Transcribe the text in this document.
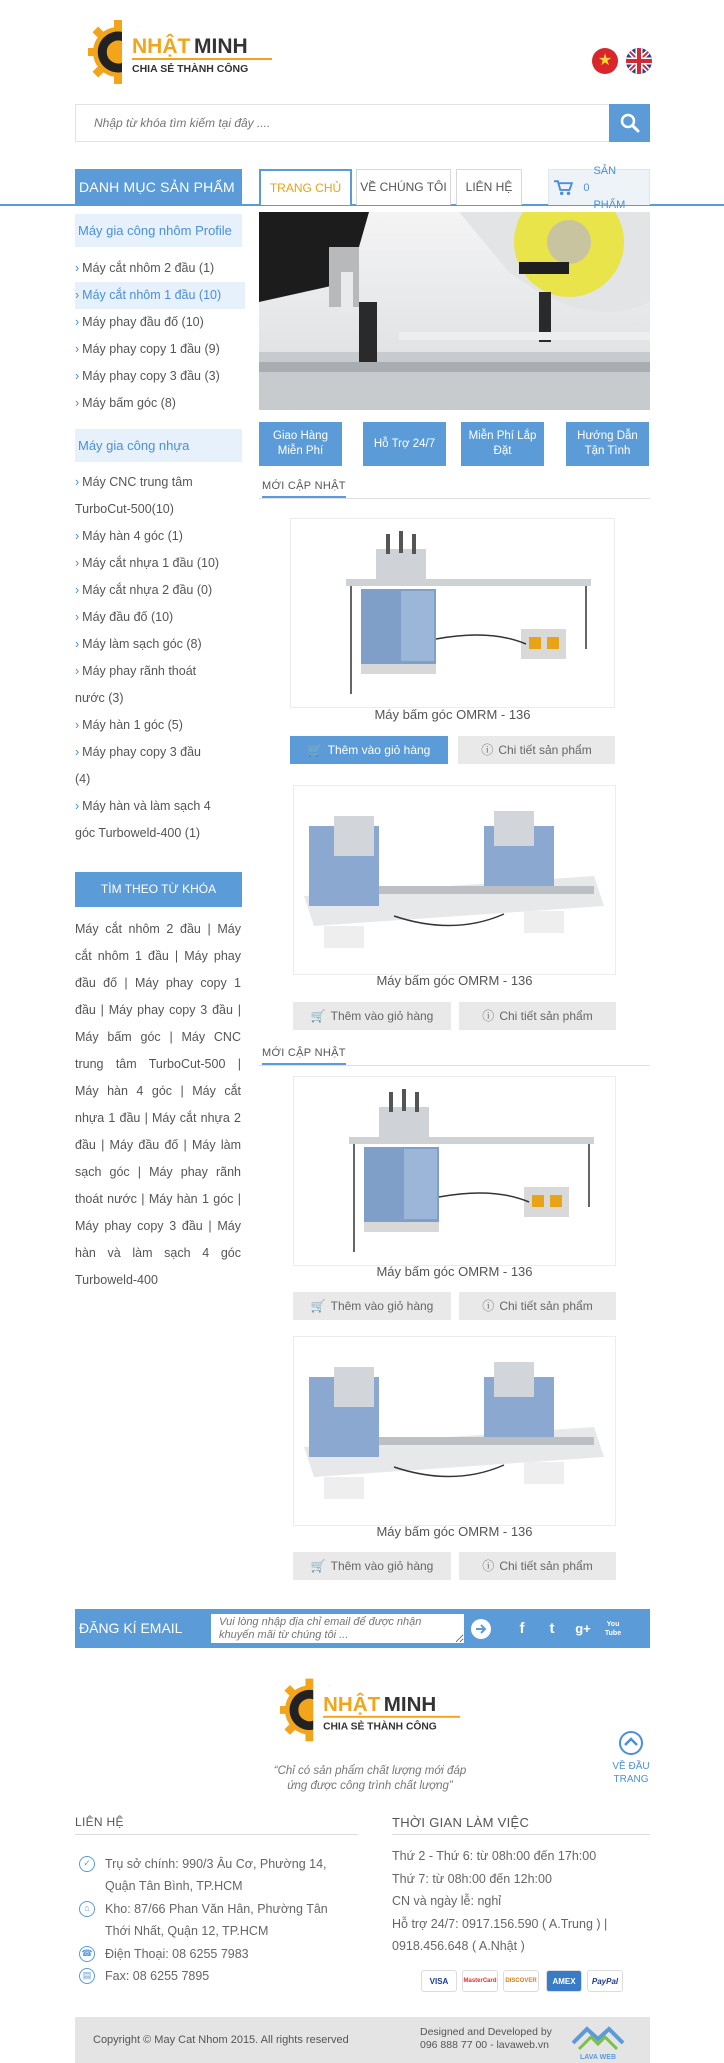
NHẬT MINH
CHIA SẺ THÀNH CÔNG	★
Nhập từ khóa tìm kiếm tại đây ....
DANH MỤC SẢN PHẨM	TRANG CHỦ	VỀ CHÚNG TÔI	LIÊN HỆ	0
SẢN PHẨM
Máy gia công nhôm Profile
› Máy cắt nhôm 2 đầu (1)
› Máy cắt nhôm 1 đầu (10)
› Máy phay đầu đố (10)
› Máy phay copy 1 đầu (9)
› Máy phay copy 3 đầu (3)
› Máy bấm góc (8)
Máy gia công nhựa
› Máy CNC trung tâm
TurboCut-500(10)
› Máy hàn 4 góc (1)
› Máy cắt nhựa 1 đầu (10)
› Máy cắt nhựa 2 đầu (0)
› Máy đầu đố (10)
› Máy làm sạch góc (8)
› Máy phay rãnh thoát
nước (3)
› Máy hàn 1 góc (5)
› Máy phay copy 3 đầu
(4)
› Máy hàn và làm sạch 4
góc Turboweld-400 (1)
TÌM THEO TỪ KHÓA
Máy cắt nhôm 2 đầu | Máy cắt nhôm 1 đầu | Máy phay đầu đố | Máy phay copy 1 đầu | Máy phay copy 3 đầu | Máy bấm góc | Máy CNC trung tâm TurboCut-500 | Máy hàn 4 góc | Máy cắt nhựa 1 đầu | Máy cắt nhựa 2 đầu | Máy đầu đố | Máy làm sạch góc | Máy phay rãnh thoát nước | Máy hàn 1 góc | Máy phay copy 3 đầu | Máy hàn và làm sạch 4 góc Turboweld-400
Giao Hàng Miễn Phí
Hỗ Trợ 24/7
Miễn Phí Lắp Đặt
Hướng Dẫn Tận Tình
MỚI CẬP NHẬT
Máy bấm góc OMRM - 136
🛒 Thêm vào giỏ hàng	ⓘ Chi tiết sản phẩm
Máy bấm góc OMRM - 136
🛒 Thêm vào giỏ hàng	ⓘ Chi tiết sản phẩm
MỚI CẬP NHẬT
Máy bấm góc OMRM - 136
🛒 Thêm vào giỏ hàng	ⓘ Chi tiết sản phẩm
Máy bấm góc OMRM - 136
🛒 Thêm vào giỏ hàng	ⓘ Chi tiết sản phẩm
ĐĂNG KÍ EMAIL
Vui lòng nhập địa chỉ email để được nhận khuyến mãi từ chúng tôi ...	f	t	g+	You Tube
NHẬT MINH
CHIA SẺ THÀNH CÔNG
“Chỉ có sản phẩm chất lượng mới đáp
ứng được công trình chất lượng”
VỀ ĐẦU
TRANG
LIÊN HỆ	THỜI GIAN LÀM VIỆC
✓	Trụ sở chính: 990/3 Âu Cơ, Phường 14,
Quận Tân Bình, TP.HCM
⌂	Kho: 87/66 Phan Văn Hân, Phường Tân
Thới Nhất, Quận 12, TP.HCM
☎ Điện Thoại: 08 6255 7983
▤	Fax: 08 6255 7895
Thứ 2 - Thứ 6: từ 08h:00 đến 17h:00
Thứ 7: từ 08h:00 đến 12h:00
CN và ngày lễ: nghỉ
Hỗ trợ 24/7: 0917.156.590 ( A.Trung ) |
0918.456.648 ( A.Nhật )
VISA	MasterCard	DISCOVER	AMEX	PayPal
Copyright © May Cat Nhom 2015. All rights reserved
Designed and Developed by
096 888 77 00 - lavaweb.vn
LAVA WEB
